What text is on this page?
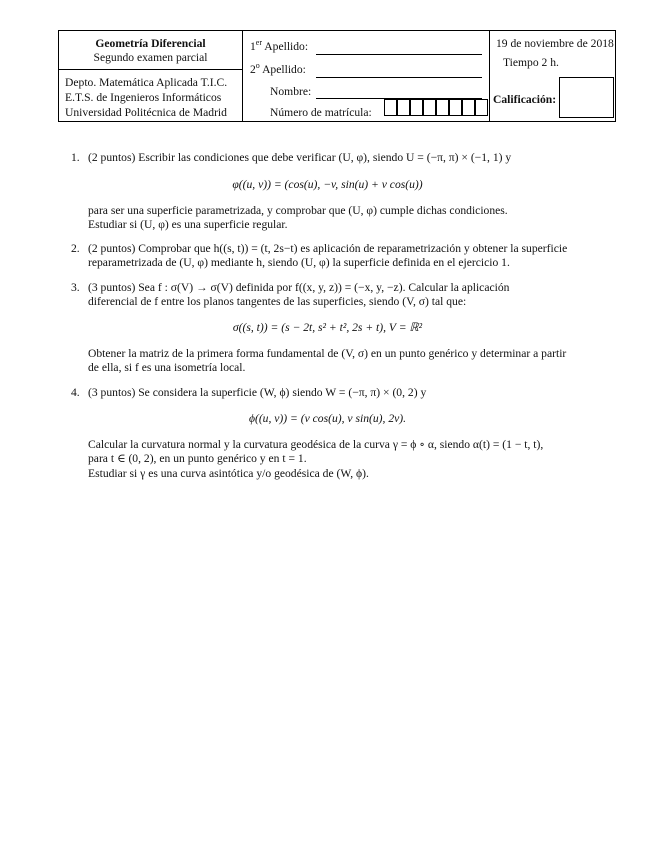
Geometría Diferencial
Segundo examen parcial
Depto. Matemática Aplicada T.I.C.
E.T.S. de Ingenieros Informáticos
Universidad Politécnica de Madrid
1er Apellido:
2$^o$ Apellido:
Nombre:
Número de matrícula:
19 de noviembre de 2018
Tiempo 2 h.
Calificación:
1. (2 puntos) Escribir las condiciones que debe verificar (U, φ), siendo U = (−π, π) × (−1, 1) y
φ((u, v)) = (cos(u), −v, sin(u) + v cos(u))
para ser una superficie parametrizada, y comprobar que (U, φ) cumple dichas condiciones.
Estudiar si (U, φ) es una superficie regular.
2. (2 puntos) Comprobar que h((s, t)) = (t, 2s−t) es aplicación de reparametrización y obtener la superficie
reparametrizada de (U, φ) mediante h, siendo (U, φ) la superficie definida en el ejercicio 1.
3. (3 puntos) Sea f : σ(V) → σ(V) definida por f((x, y, z)) = (−x, y, −z). Calcular la aplicación
diferencial de f entre los planos tangentes de las superficies, siendo (V, σ) tal que:
σ((s, t)) = (s − 2t, s² + t², 2s + t), V = ℝ²
Obtener la matriz de la primera forma fundamental de (V, σ) en un punto genérico y determinar a partir
de ella, si f es una isometría local.
4. (3 puntos) Se considera la superficie (W, ϕ) siendo W = (−π, π) × (0, 2) y
ϕ((u, v)) = (v cos(u), v sin(u), 2v).
Calcular la curvatura normal y la curvatura geodésica de la curva γ = ϕ ∘ α, siendo α(t) = (1 − t, t),
para t ∈ (0, 2), en un punto genérico y en t = 1.
Estudiar si γ es una curva asintótica y/o geodésica de (W, ϕ).
